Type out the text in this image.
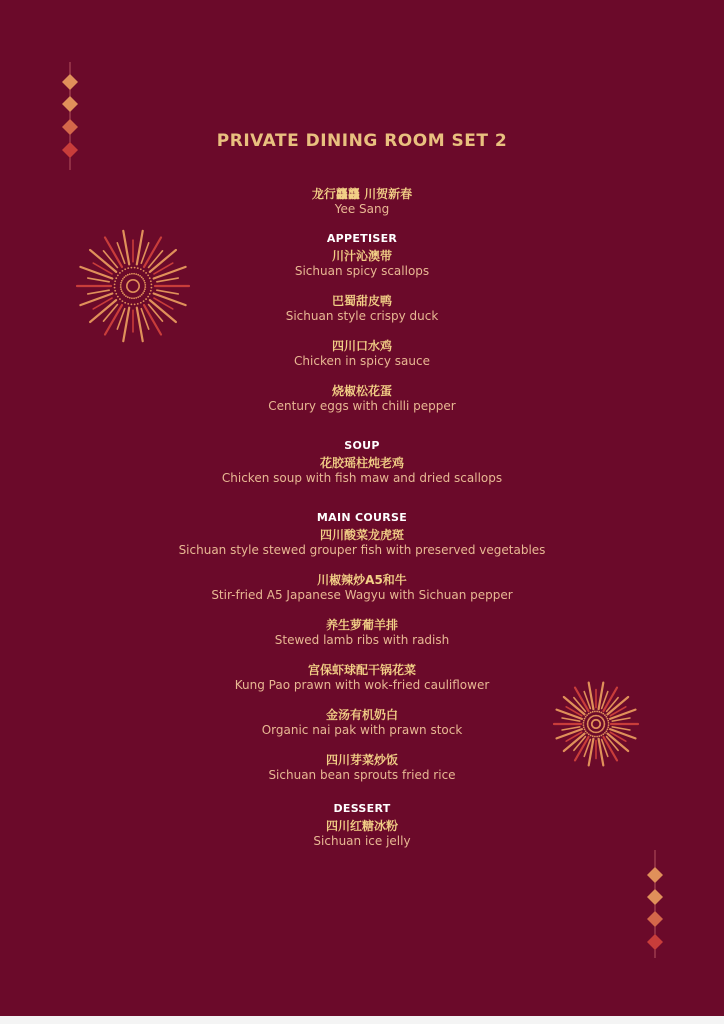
PRIVATE DINING ROOM SET 2
龙行龘龘 川贺新春
Yee Sang
APPETISER
川汁沁澳带
Sichuan spicy scallops
巴蜀甜皮鸭
Sichuan style crispy duck
四川口水鸡
Chicken in spicy sauce
烧椒松花蛋
Century eggs with chilli pepper
SOUP
花胶瑶柱炖老鸡
Chicken soup with fish maw and dried scallops
MAIN COURSE
四川酸菜龙虎斑
Sichuan style stewed grouper fish with preserved vegetables
川椒辣炒A5和牛
Stir-fried A5 Japanese Wagyu with Sichuan pepper
养生萝葡羊排
Stewed lamb ribs with radish
宫保虾球配干锅花菜
Kung Pao prawn with wok-fried cauliflower
金汤有机奶白
Organic nai pak with prawn stock
四川芽菜炒饭
Sichuan bean sprouts fried rice
DESSERT
四川红糖冰粉
Sichuan ice jelly
